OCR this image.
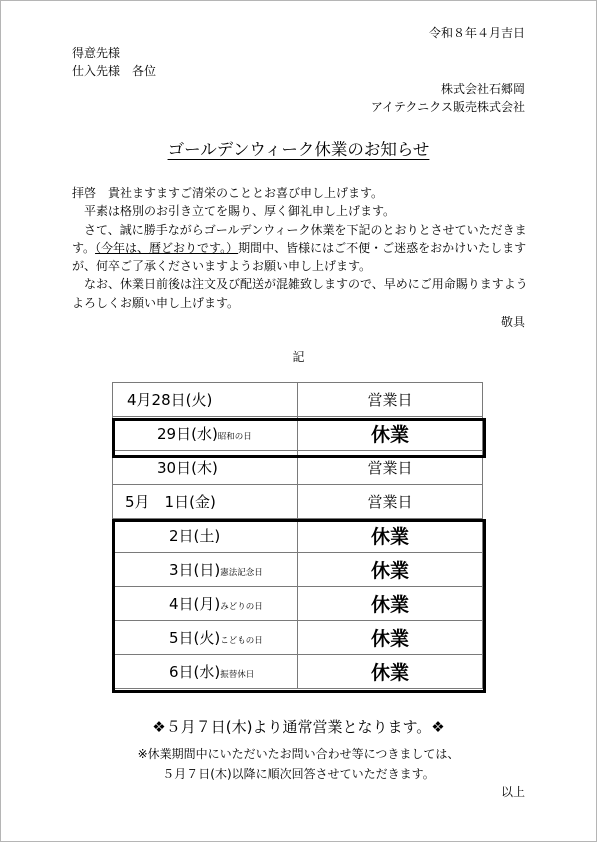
令和８年４月吉日
得意先様
仕入先様　各位
株式会社石郷岡
アイテクニクス販売株式会社
ゴールデンウィーク休業のお知らせ

拝啓　貴社ますますご清栄のこととお喜び申し上げます。

　平素は格別のお引き立てを賜り、厚く御礼申し上げます。

　さて、誠に勝手ながらゴールデンウィーク休業を下記のとおりとさせていただきます。（今年は、暦どおりです。）期間中、皆様にはご不便・ご迷惑をおかけいたしますが、何卒ご了承くださいますようお願い申し上げます。

　なお、休業日前後は注文及び配送が混雑致しますので、早めにご用命賜りますようよろしくお願い申し上げます。

敬具
記
4月28日(火)	営業日
29日(水)昭和の日	休業
30日(木)	営業日
5月　1日(金)	営業日
2日(土)	休業
3日(日)憲法記念日	休業
4日(月)みどりの日	休業
5日(火)こどもの日	休業
6日(水)振替休日	休業
❖５月７日(木)より通常営業となります。❖
※休業期間中にいただいたお問い合わせ等につきましては、
５月７日(木)以降に順次回答させていただきます。
以上
